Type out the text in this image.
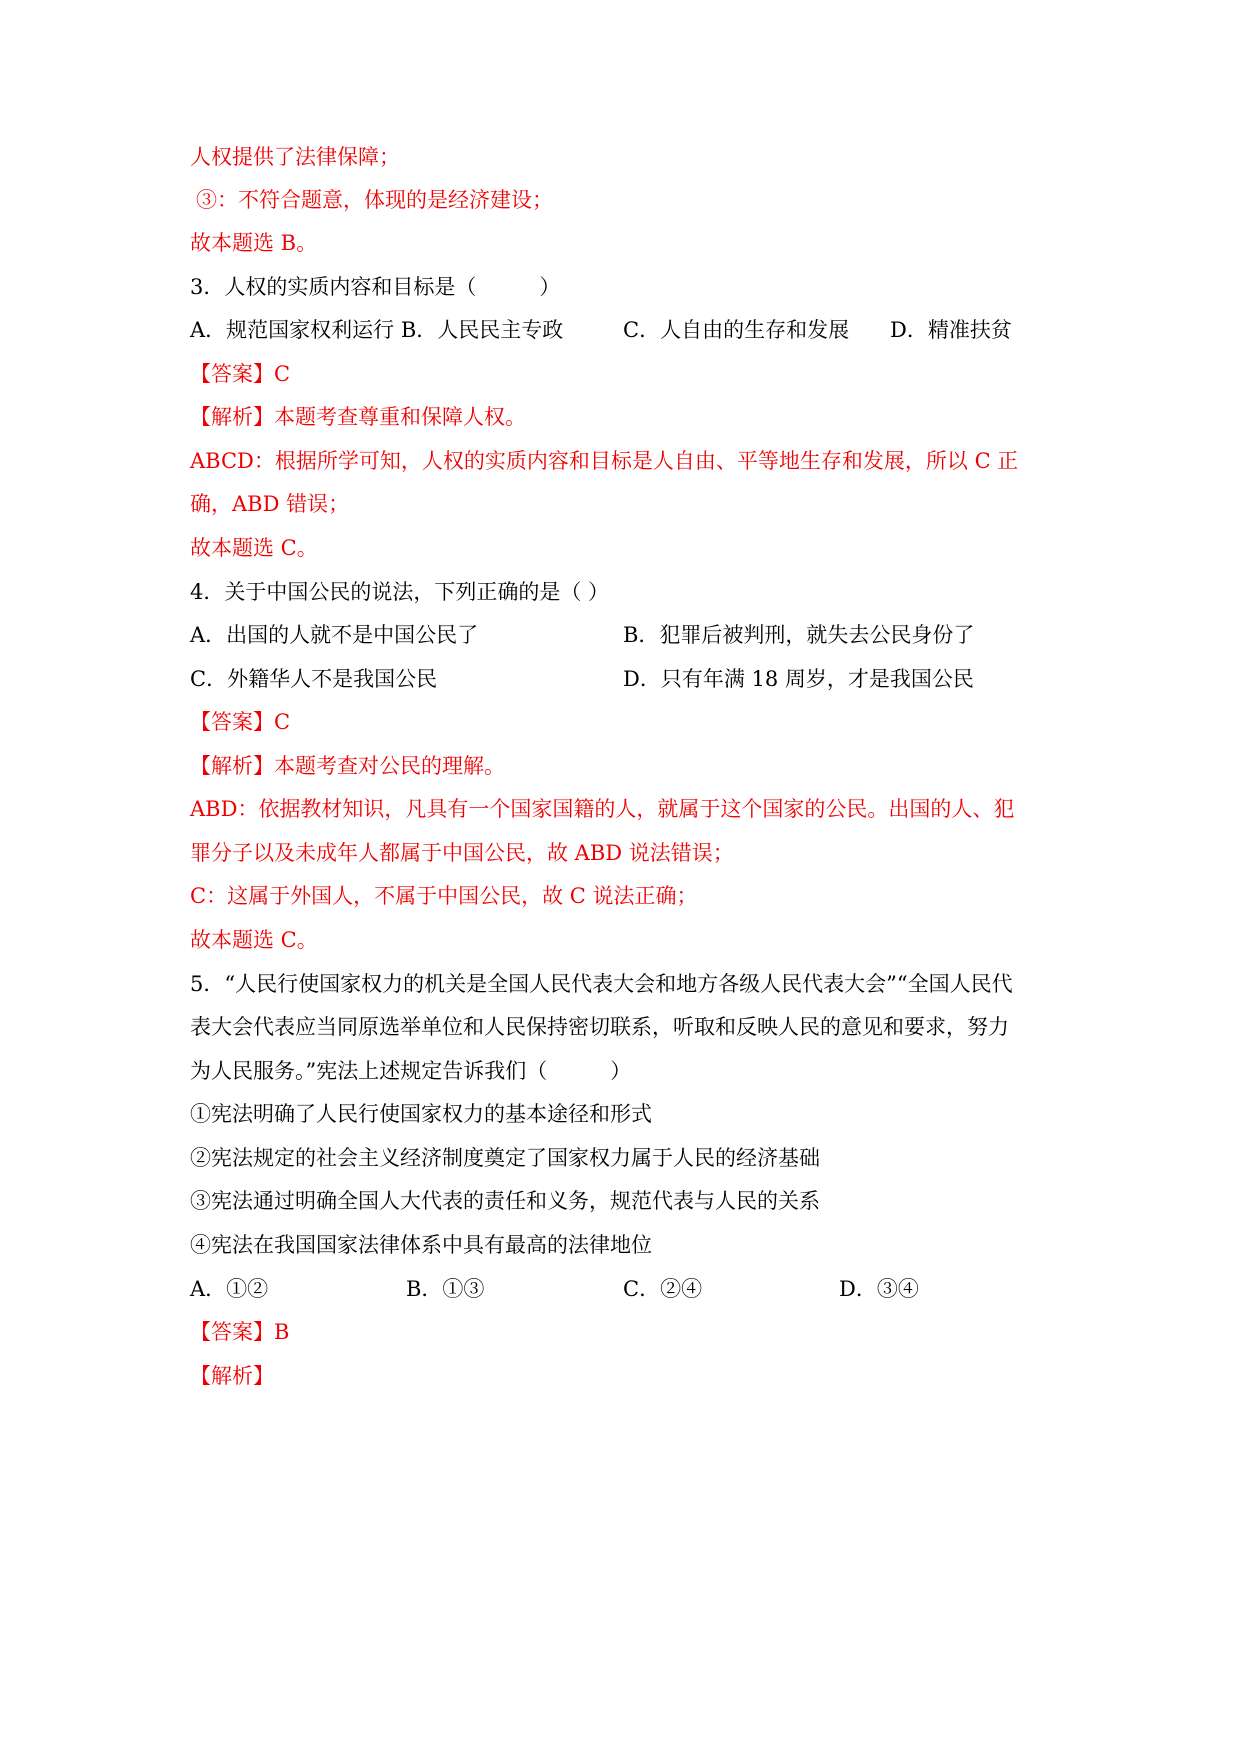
人权提供了法律保障；
③：不符合题意，体现的是经济建设；
故本题选 B。
3．人权的实质内容和目标是（　　　）
A．规范国家权利运行 B．人民民主专政	C．人自由的生存和发展 D．精准扶贫
【答案】C
【解析】本题考查尊重和保障人权。
ABCD：根据所学可知，人权的实质内容和目标是人自由、平等地生存和发展，所以 C 正
确，ABD 错误；
故本题选 C。
4．关于中国公民的说法，下列正确的是（ ）
A．出国的人就不是中国公民了	B．犯罪后被判刑，就失去公民身份了
C．外籍华人不是我国公民	D．只有年满 18 周岁，才是我国公民
【答案】C
【解析】本题考查对公民的理解。
ABD：依据教材知识，凡具有一个国家国籍的人，就属于这个国家的公民。出国的人、犯
罪分子以及未成年人都属于中国公民，故 ABD 说法错误；
C：这属于外国人，不属于中国公民，故 C 说法正确；
故本题选 C。
5．“人民行使国家权力的机关是全国人民代表大会和地方各级人民代表大会”“全国人民代
表大会代表应当同原选举单位和人民保持密切联系，听取和反映人民的意见和要求，努力
为人民服务。”宪法上述规定告诉我们（　　　）
①宪法明确了人民行使国家权力的基本途径和形式
②宪法规定的社会主义经济制度奠定了国家权力属于人民的经济基础
③宪法通过明确全国人大代表的责任和义务，规范代表与人民的关系
④宪法在我国国家法律体系中具有最高的法律地位
A．①②	B．①③	C．②④	D．③④
【答案】B
【解析】
